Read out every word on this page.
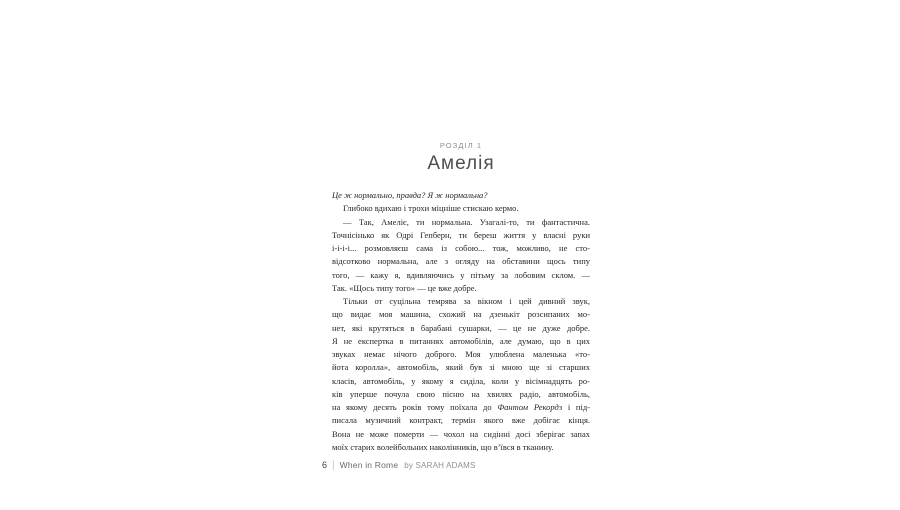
РОЗДІЛ 1
Амелія
Це ж нормально, правда? Я ж нормальна?
Глибоко вдихаю і трохи міцніше стискаю кермо.
— Так, Амеліє, ти нормальна. Узагалі-то, ти фантастична.
Точнісінько як Одрі Гепберн, ти береш життя у власні руки
і-і-і-і... розмовляєш сама із собою... тож, можливо, не сто-
відсотково нормальна, але з огляду на обставини щось типу
того, — кажу я, вдивляючись у пітьму за лобовим склом. —
Так. «Щось типу того» — це вже добре.
Тільки от суцільна темрява за вікном і цей дивний звук,
що видає моя машина, схожий на дзенькіт розсипаних мо-
нет, які крутяться в барабані сушарки, — це не дуже добре.
Я не експертка в питаннях автомобілів, але думаю, що в цих
звуках немає нічого доброго. Моя улюблена маленька «то-
йота королла», автомобіль, який був зі мною ще зі старших
класів, автомобіль, у якому я сиділа, коли у вісімнадцять ро-
ків уперше почула свою пісню на хвилях радіо, автомобіль,
на якому десять років тому поїхала до Фантом Рекордз і під-
писала музичний контракт, термін якого вже добігає кінця.
Вона не може померти — чохол на сидінні досі зберігає запах
моїх старих волейбольних наколінників, що в’ївся в тканину.
6 | When in Rome by SARAH ADAMS
